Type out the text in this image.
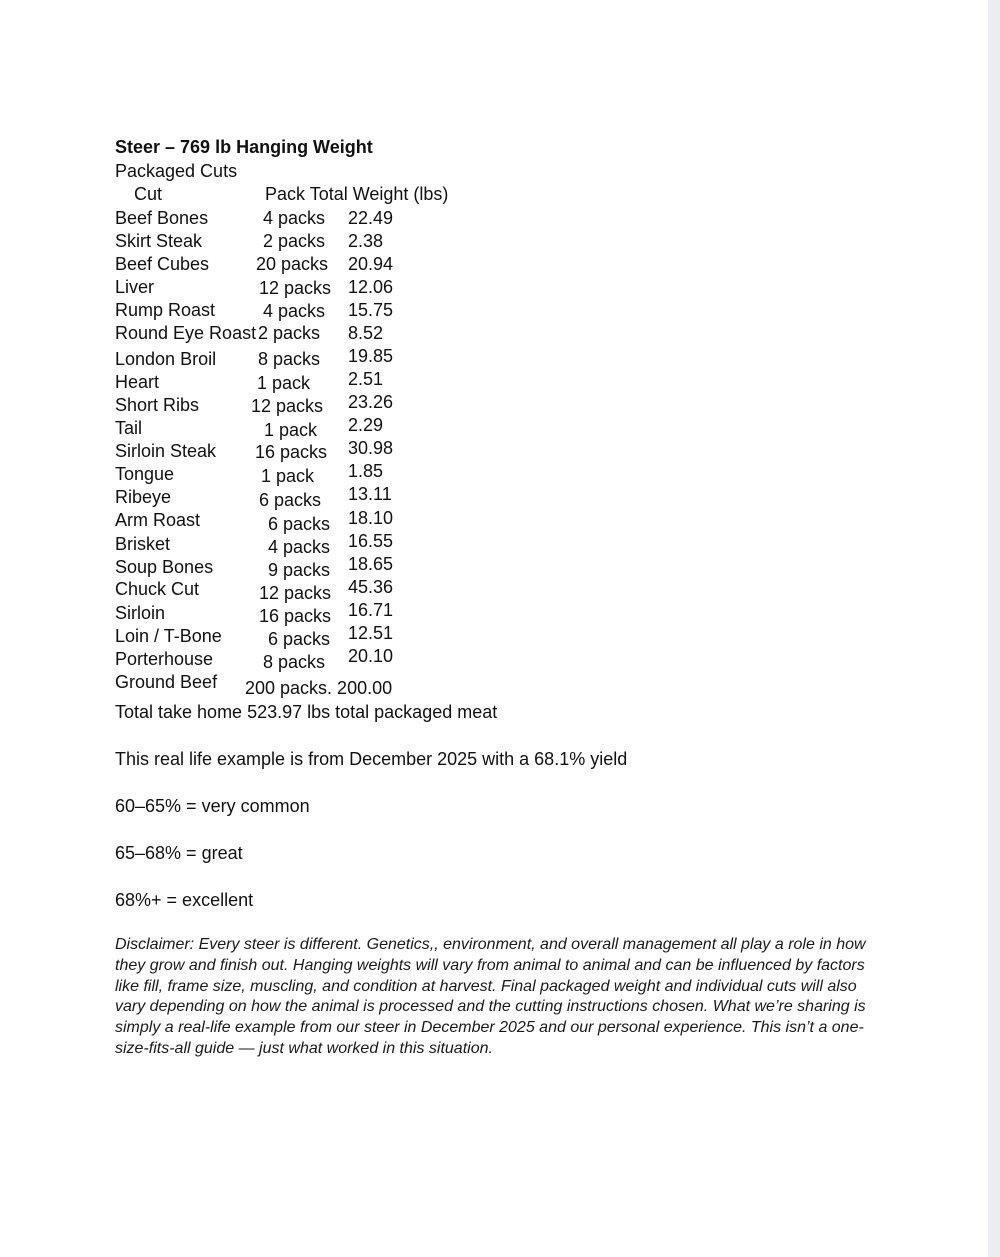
Steer – 769 lb Hanging Weight
Packaged Cuts
Cut	Pack Total Weight (lbs)
Beef Bones	4 packs 22.49
Skirt Steak	2 packs 2.38
Beef Cubes	20 packs 20.94
Liver	12 packs 12.06
Rump Roast	4 packs 15.75
Round Eye Roast 2 packs 8.52
London Broil 8 packs 19.85
Heart	1 pack 2.51
Short Ribs	12 packs 23.26
Tail	1 pack 2.29
Sirloin Steak 16 packs 30.98
Tongue	1 pack 1.85
Ribeye	6 packs 13.11
Arm Roast	6 packs 18.10
Brisket	4 packs 16.55
Soup Bones	9 packs 18.65
Chuck Cut	12 packs 45.36
Sirloin	16 packs 16.71
Loin / T-Bone	6 packs 12.51
Porterhouse	8 packs 20.10
Ground Beef 200 packs. 200.00
Total take home 523.97 lbs total packaged meat
This real life example is from December 2025 with a 68.1% yield
60–65% = very common
65–68% = great
68%+ = excellent
Disclaimer: Every steer is different. Genetics,, environment, and overall management all play a role in how they grow and finish out. Hanging weights will vary from animal to animal and can be influenced by factors like fill, frame size, muscling, and condition at harvest. Final packaged weight and individual cuts will also vary depending on how the animal is processed and the cutting instructions chosen. What we’re sharing is simply a real-life example from our steer in December 2025 and our personal experience. This isn’t a one-size-fits-all guide — just what worked in this situation.
